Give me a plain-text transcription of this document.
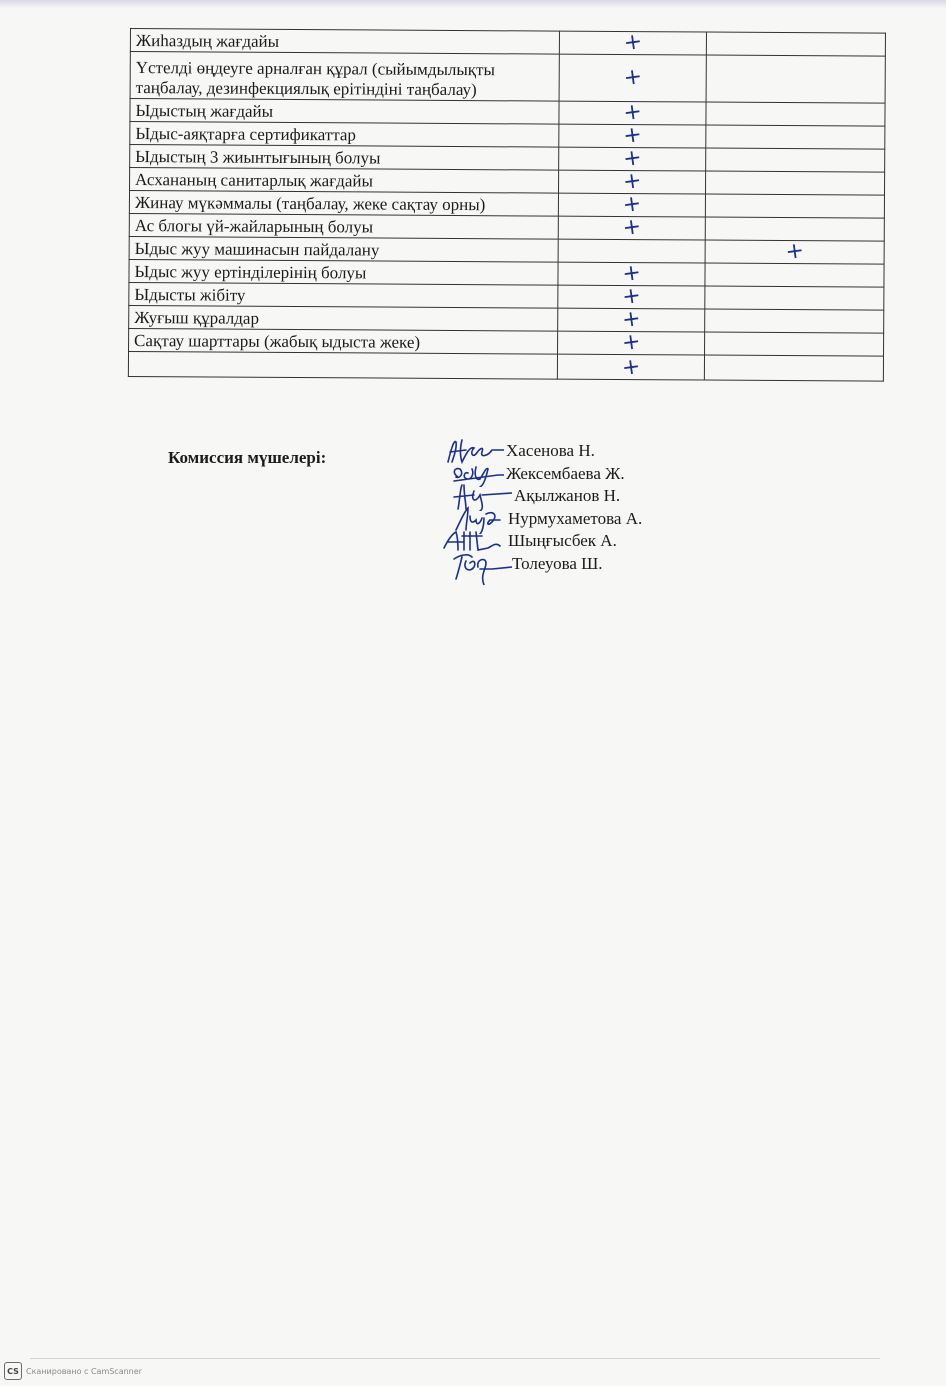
Жиһаздың жағдайы	+	
Үстелді өңдеуге арналған құрал (сыйымдылықты таңбалау, дезинфекциялық ерітіндіні таңбалау)	+	
Ыдыстың жағдайы	+	
Ыдыс-аяқтарға сертификаттар	+	
Ыдыстың 3 жиынтығының болуы	+	
Асхананың санитарлық жағдайы	+	
Жинау мүкәммалы (таңбалау, жеке сақтау орны)	+	
Ас блогы үй-жайларының болуы	+	
Ыдыс жуу машинасын пайдалану		+
Ыдыс жуу ертінділерінің болуы	+	
Ыдысты жібіту	+	
Жуғыш құралдар	+	
Сақтау шарттары (жабық ыдыста жеке)	+	
	+	
Комиссия мүшелері:	Хасенова Н.
Жексембаева Ж.
Ақылжанов Н.
Нурмухаметова А.
Шыңғысбек А.
Толеуова Ш.
CS Сканировано с CamScanner
